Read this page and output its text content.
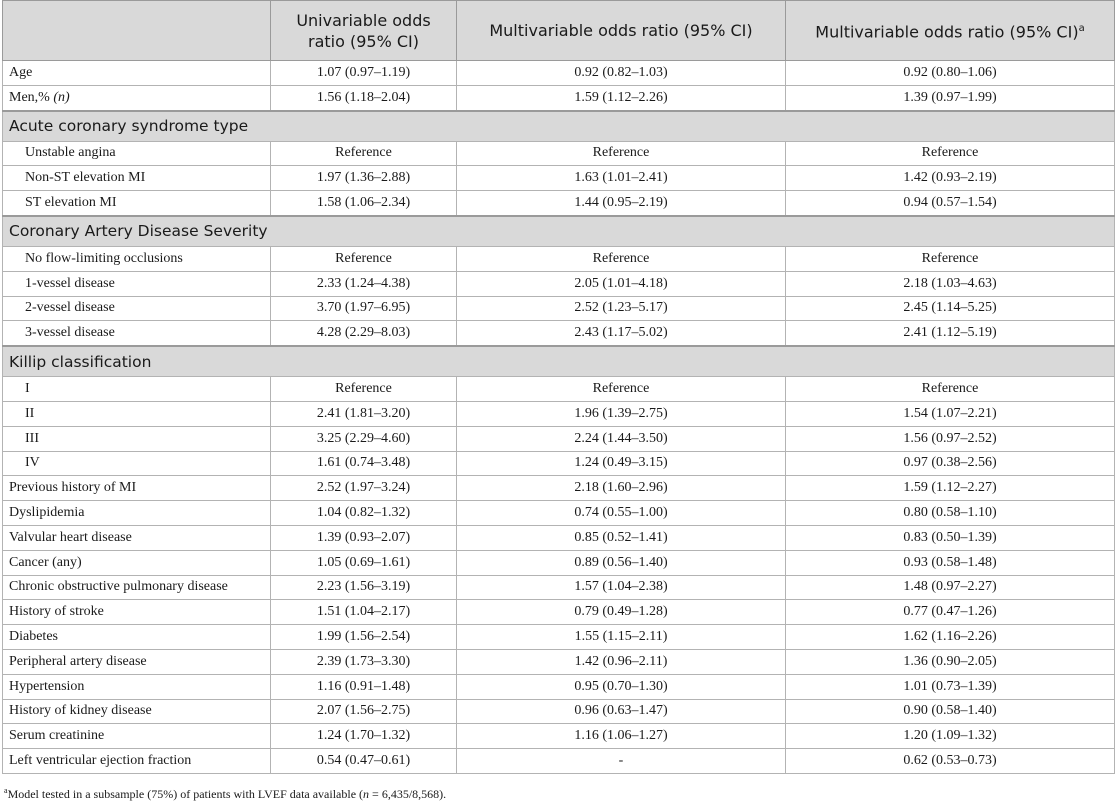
	Univariable odds ratio (95% CI)	Multivariable odds ratio (95% CI)	Multivariable odds ratio (95% CI)$^a$
Age	1.07 (0.97–1.19)	0.92 (0.82–1.03)	0.92 (0.80–1.06)
Men,% (n)	1.56 (1.18–2.04)	1.59 (1.12–2.26)	1.39 (0.97–1.99)
Acute coronary syndrome type			
Unstable angina	Reference	Reference	Reference
Non-ST elevation MI	1.97 (1.36–2.88)	1.63 (1.01–2.41)	1.42 (0.93–2.19)
ST elevation MI	1.58 (1.06–2.34)	1.44 (0.95–2.19)	0.94 (0.57–1.54)
Coronary Artery Disease Severity			
No flow-limiting occlusions	Reference	Reference	Reference
1-vessel disease	2.33 (1.24–4.38)	2.05 (1.01–4.18)	2.18 (1.03–4.63)
2-vessel disease	3.70 (1.97–6.95)	2.52 (1.23–5.17)	2.45 (1.14–5.25)
3-vessel disease	4.28 (2.29–8.03)	2.43 (1.17–5.02)	2.41 (1.12–5.19)
Killip classification			
I	Reference	Reference	Reference
II	2.41 (1.81–3.20)	1.96 (1.39–2.75)	1.54 (1.07–2.21)
III	3.25 (2.29–4.60)	2.24 (1.44–3.50)	1.56 (0.97–2.52)
IV	1.61 (0.74–3.48)	1.24 (0.49–3.15)	0.97 (0.38–2.56)
Previous history of MI	2.52 (1.97–3.24)	2.18 (1.60–2.96)	1.59 (1.12–2.27)
Dyslipidemia	1.04 (0.82–1.32)	0.74 (0.55–1.00)	0.80 (0.58–1.10)
Valvular heart disease	1.39 (0.93–2.07)	0.85 (0.52–1.41)	0.83 (0.50–1.39)
Cancer (any)	1.05 (0.69–1.61)	0.89 (0.56–1.40)	0.93 (0.58–1.48)
Chronic obstructive pulmonary disease	2.23 (1.56–3.19)	1.57 (1.04–2.38)	1.48 (0.97–2.27)
History of stroke	1.51 (1.04–2.17)	0.79 (0.49–1.28)	0.77 (0.47–1.26)
Diabetes	1.99 (1.56–2.54)	1.55 (1.15–2.11)	1.62 (1.16–2.26)
Peripheral artery disease	2.39 (1.73–3.30)	1.42 (0.96–2.11)	1.36 (0.90–2.05)
Hypertension	1.16 (0.91–1.48)	0.95 (0.70–1.30)	1.01 (0.73–1.39)
History of kidney disease	2.07 (1.56–2.75)	0.96 (0.63–1.47)	0.90 (0.58–1.40)
Serum creatinine	1.24 (1.70–1.32)	1.16 (1.06–1.27)	1.20 (1.09–1.32)
Left ventricular ejection fraction	0.54 (0.47–0.61)	-	0.62 (0.53–0.73)
$^a$Model tested in a subsample (75%) of patients with LVEF data available (n = 6,435/8,568).
